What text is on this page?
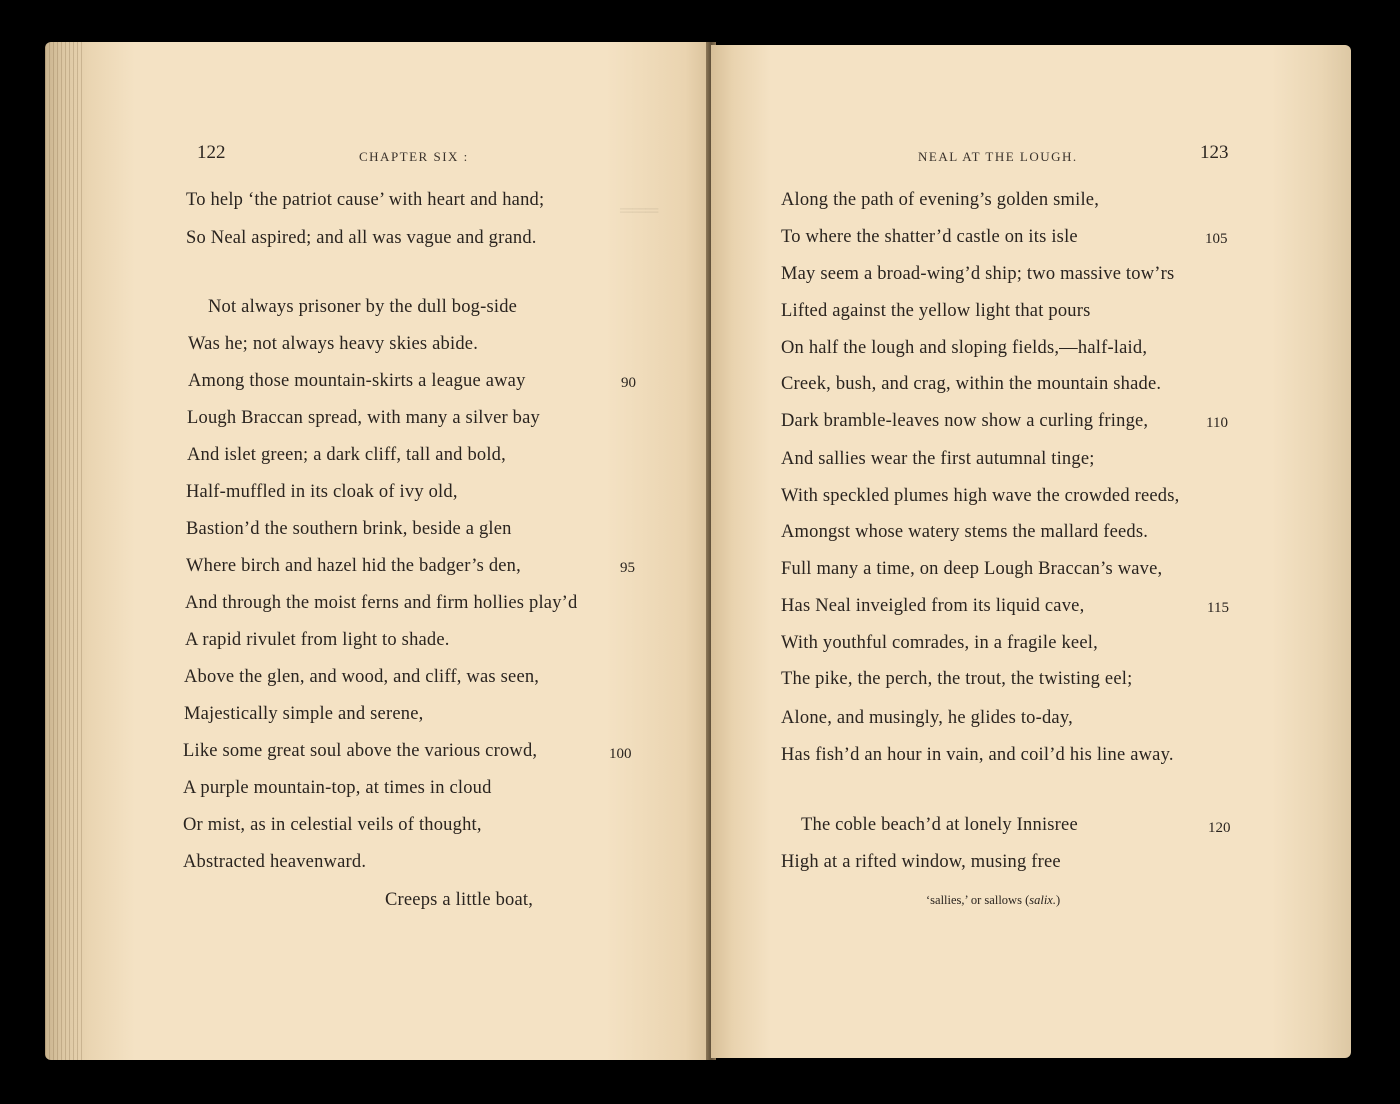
═══
122	CHAPTER SIX :
To help ‘the patriot cause’ with heart and hand;
So Neal aspired; and all was vague and grand.
Not always prisoner by the dull bog-side
Was he; not always heavy skies abide.
Among those mountain-skirts a league away	90
Lough Braccan spread, with many a silver bay
And islet green; a dark cliff, tall and bold,
Half-muffled in its cloak of ivy old,
Bastion’d the southern brink, beside a glen
Where birch and hazel hid the badger’s den,	95
And through the moist ferns and firm hollies play’d
A rapid rivulet from light to shade.
Above the glen, and wood, and cliff, was seen,
Majestically simple and serene,
Like some great soul above the various crowd,	100
A purple mountain-top, at times in cloud
Or mist, as in celestial veils of thought,
Abstracted heavenward.
Creeps a little boat,
NEAL AT THE LOUGH.	123
Along the path of evening’s golden smile,
To where the shatter’d castle on its isle	105
May seem a broad-wing’d ship; two massive tow’rs
Lifted against the yellow light that pours
On half the lough and sloping fields,—half-laid,
Creek, bush, and crag, within the mountain shade.
Dark bramble-leaves now show a curling fringe,	110
And sallies wear the first autumnal tinge;
With speckled plumes high wave the crowded reeds,
Amongst whose watery stems the mallard feeds.
Full many a time, on deep Lough Braccan’s wave,
Has Neal inveigled from its liquid cave,	115
With youthful comrades, in a fragile keel,
The pike, the perch, the trout, the twisting eel;
Alone, and musingly, he glides to-day,
Has fish’d an hour in vain, and coil’d his line away.
The coble beach’d at lonely Innisree	120
High at a rifted window, musing free
‘sallies,’ or sallows (salix.)
